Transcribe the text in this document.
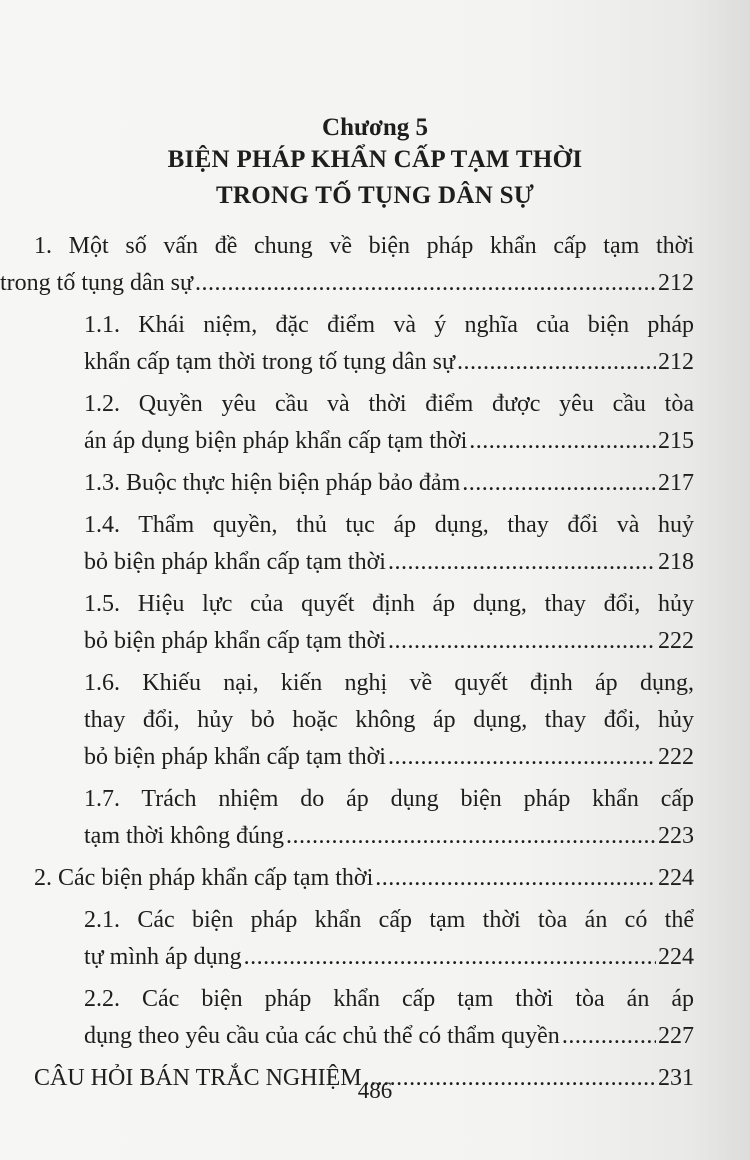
Chương 5
BIỆN PHÁP KHẨN CẤP TẠM THỜI
TRONG TỐ TỤNG DÂN SỰ
1. Một số vấn đề chung về biện pháp khẩn cấp tạm thời
trong tố tụng dân sự .....	212
1.1. Khái niệm, đặc điểm và ý nghĩa của biện pháp
khẩn cấp tạm thời trong tố tụng dân sự .....	212
1.2. Quyền yêu cầu và thời điểm được yêu cầu tòa
án áp dụng biện pháp khẩn cấp tạm thời .....	215
1.3. Buộc thực hiện biện pháp bảo đảm .....	217
1.4. Thẩm quyền, thủ tục áp dụng, thay đổi và huỷ
bỏ biện pháp khẩn cấp tạm thời .....	218
1.5. Hiệu lực của quyết định áp dụng, thay đổi, hủy
bỏ biện pháp khẩn cấp tạm thời .....	222
1.6. Khiếu nại, kiến nghị về quyết định áp dụng,
thay đổi, hủy bỏ hoặc không áp dụng, thay đổi, hủy
bỏ biện pháp khẩn cấp tạm thời .....	222
1.7. Trách nhiệm do áp dụng biện pháp khẩn cấp
tạm thời không đúng .....	223
2. Các biện pháp khẩn cấp tạm thời .....	224
2.1. Các biện pháp khẩn cấp tạm thời tòa án có thể
tự mình áp dụng .....	224
2.2. Các biện pháp khẩn cấp tạm thời tòa án áp
dụng theo yêu cầu của các chủ thể có thẩm quyền .....	227
CÂU HỎI BÁN TRẮC NGHIỆM .....	231
486
